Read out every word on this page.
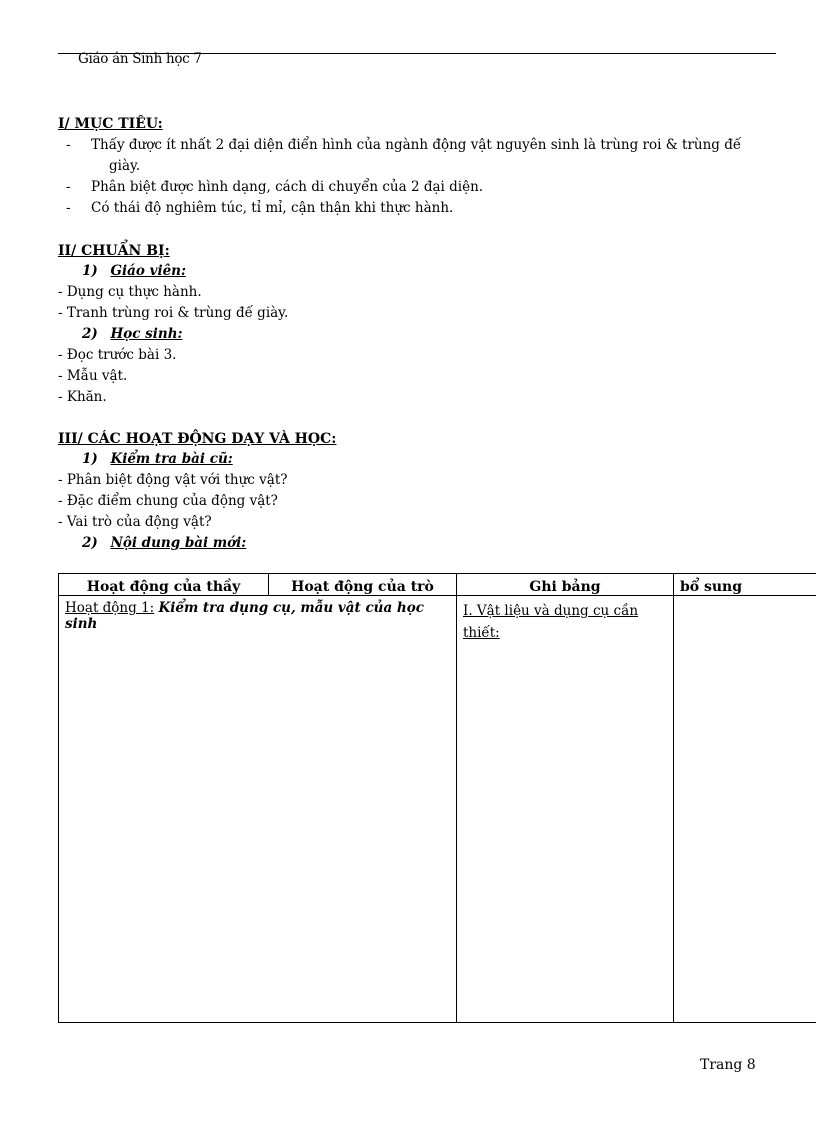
Giáo án Sinh học 7
I/ MỤC TIÊU:
- Thấy được ít nhất 2 đại diện điển hình của ngành động vật nguyên sinh là trùng roi & trùng đế
giày.
- Phân biệt được hình dạng, cách di chuyển của 2 đại diện.
- Có thái độ nghiêm túc, tỉ mỉ, cận thận khi thực hành.
II/ CHUẨN BỊ:
1) Giáo viên:
- Dụng cụ thực hành.
- Tranh trùng roi & trùng đế giày.
2) Học sinh:
- Đọc trước bài 3.
- Mẫu vật.
- Khăn.
III/ CÁC HOẠT ĐỘNG DẠY VÀ HỌC:
1) Kiểm tra bài cũ:
- Phân biệt động vật với thực vật?
- Đặc điểm chung của động vật?
- Vai trò của động vật?
2) Nội dung bài mới:
Hoạt động của thầy	Hoạt động của trò	Ghi bảng	bổ sung
Hoạt động 1: Kiểm tra dụng cụ, mẫu vật của học sinh		I. Vật liệu và dụng cụ cần
thiết:	
Trang 8
